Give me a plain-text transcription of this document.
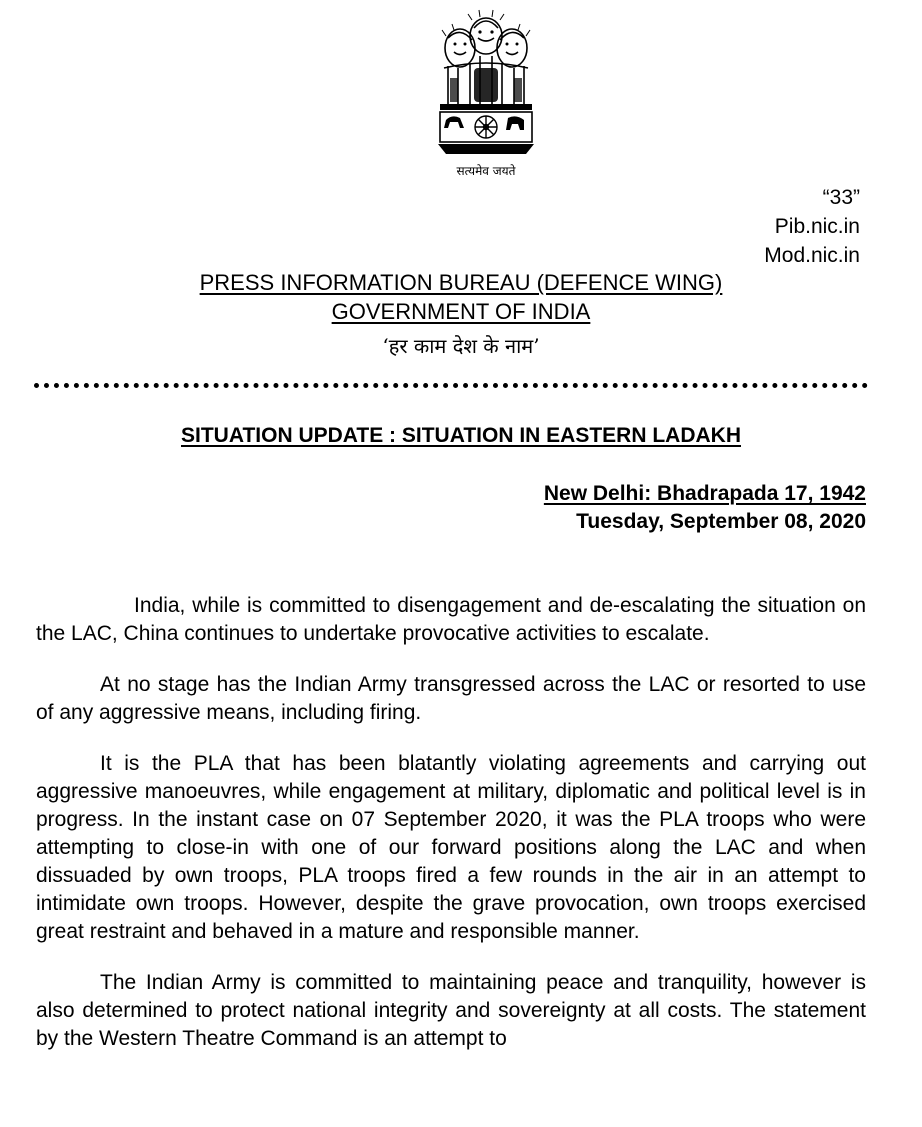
सत्यमेव जयते
“33”
Pib.nic.in
Mod.nic.in
PRESS INFORMATION BUREAU (DEFENCE WING)
GOVERNMENT OF INDIA
‘हर काम देश के नाम’
SITUATION UPDATE : SITUATION IN EASTERN LADAKH
New Delhi: Bhadrapada 17, 1942
Tuesday, September 08, 2020

India, while is committed to disengagement and de-escalating the situation on the LAC, China continues to undertake provocative activities to escalate.

At no stage has the Indian Army transgressed across the LAC or resorted to use of any aggressive means, including firing.

It is the PLA that has been blatantly violating agreements and carrying out aggressive manoeuvres, while engagement at military, diplomatic and political level is in progress. In the instant case on 07 September 2020, it was the PLA troops who were attempting to close-in with one of our forward positions along the LAC and when dissuaded by own troops, PLA troops fired a few rounds in the air in an attempt to intimidate own troops. However, despite the grave provocation, own troops exercised great restraint and behaved in a mature and responsible manner.

The Indian Army is committed to maintaining peace and tranquility, however is also determined to protect national integrity and sovereignty at all costs. The statement by the Western Theatre Command is an attempt to
